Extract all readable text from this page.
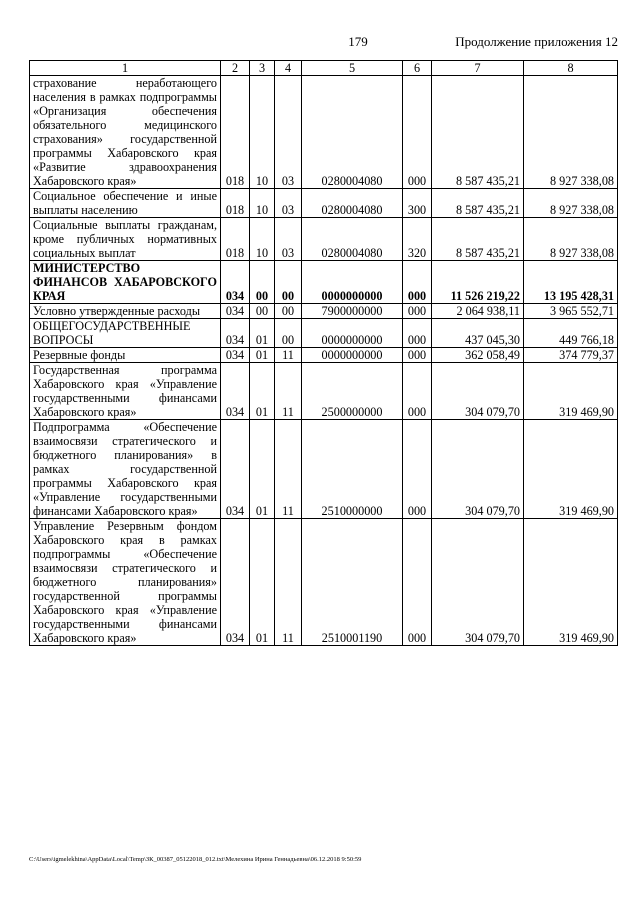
179	Продолжение приложения 12
1	2	3	4	5	6	7	8
страхование неработающего населения в рамках подпрограммы «Организация обеспечения обязательного медицинского страхования» государственной программы Хабаровского края «Развитие здравоохранения Хабаровского края»	018	10	03	0280004080	000	8 587 435,21	8 927 338,08
Социальное обеспечение и иные выплаты населению	018	10	03	0280004080	300	8 587 435,21	8 927 338,08
Социальные выплаты гражданам, кроме публичных нормативных социальных выплат	018	10	03	0280004080	320	8 587 435,21	8 927 338,08
МИНИСТЕРСТВО ФИНАНСОВ ХАБАРОВСКОГО КРАЯ	034	00	00	0000000000	000	11 526 219,22	13 195 428,31
Условно утвержденные расходы	034	00	00	7900000000	000	2 064 938,11	3 965 552,71
ОБЩЕГОСУДАРСТВЕННЫЕ ВОПРОСЫ	034	01	00	0000000000	000	437 045,30	449 766,18
Резервные фонды	034	01	11	0000000000	000	362 058,49	374 779,37
Государственная программа Хабаровского края «Управление государственными финансами Хабаровского края»	034	01	11	2500000000	000	304 079,70	319 469,90
Подпрограмма «Обеспечение взаимосвязи стратегического и бюджетного планирования» в рамках государственной программы Хабаровского края «Управление государственными финансами Хабаровского края»	034	01	11	2510000000	000	304 079,70	319 469,90
Управление Резервным фондом Хабаровского края в рамках подпрограммы «Обеспечение взаимосвязи стратегического и бюджетного планирования» государственной программы Хабаровского края «Управление государственными финансами Хабаровского края»	034	01	11	2510001190	000	304 079,70	319 469,90
C:\Users\igmelekhina\AppData\Local\Temp\ЗК_00387_05122018_012.txt\Мелехина Ирина Геннадьевна\06.12.2018 9:50:59
